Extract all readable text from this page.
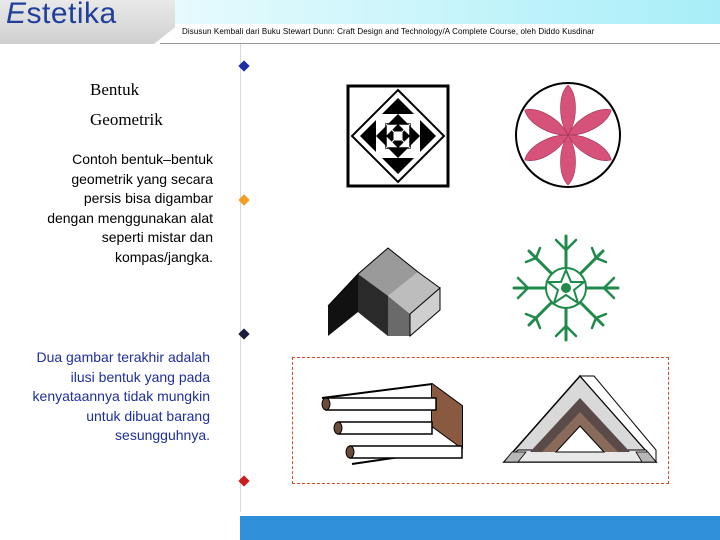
Estetika
Disusun Kembali dari Buku Stewart Dunn: Craft Design and Technology/A Complete Course, oleh Diddo Kusdinar
Bentuk
Geometrik
Contoh bentuk–bentuk geometrik yang secara persis bisa digambar dengan menggunakan alat seperti mistar dan kompas/jangka.
Dua gambar terakhir adalah ilusi bentuk yang pada kenyataannya tidak mungkin untuk dibuat barang sesungguhnya.
